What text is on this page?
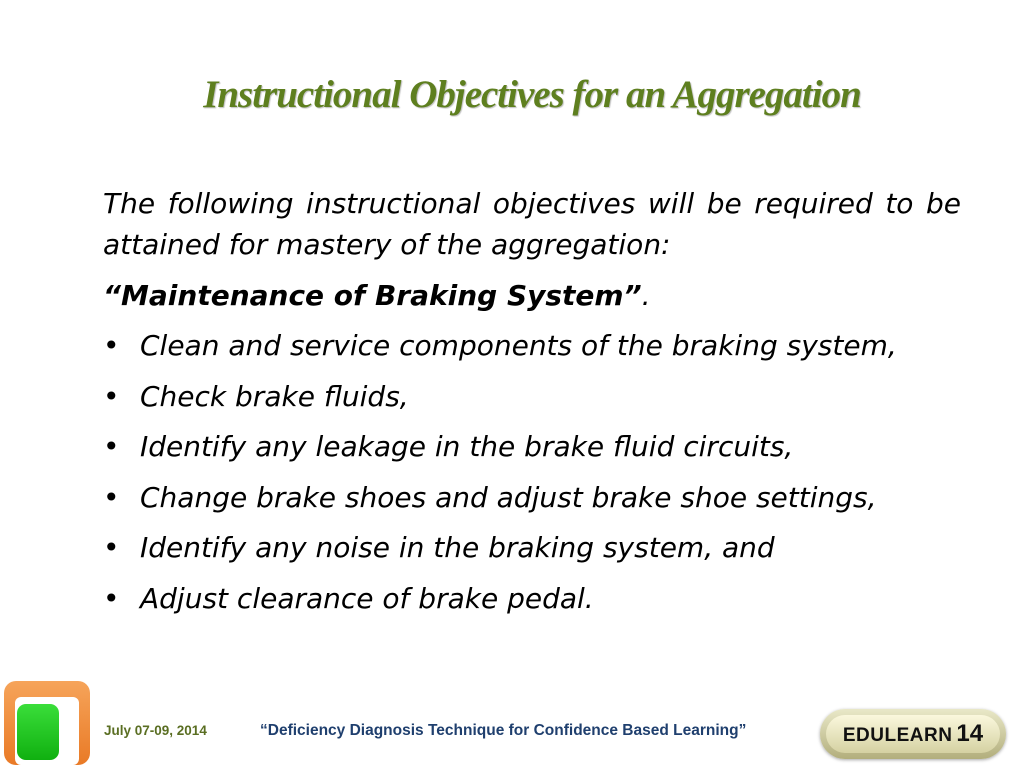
Instructional Objectives for an Aggregation

The following instructional objectives will be required to be attained for mastery of the aggregation:

“Maintenance of Braking System”.
• Clean and service components of the braking system,
• Check brake fluids,
• Identify any leakage in the brake fluid circuits,
• Change brake shoes and adjust brake shoe settings,
• Identify any noise in the braking system, and
• Adjust clearance of brake pedal.
July 07-09, 2014	“Deficiency Diagnosis Technique for Confidence Based Learning”	EDULEARN 14
